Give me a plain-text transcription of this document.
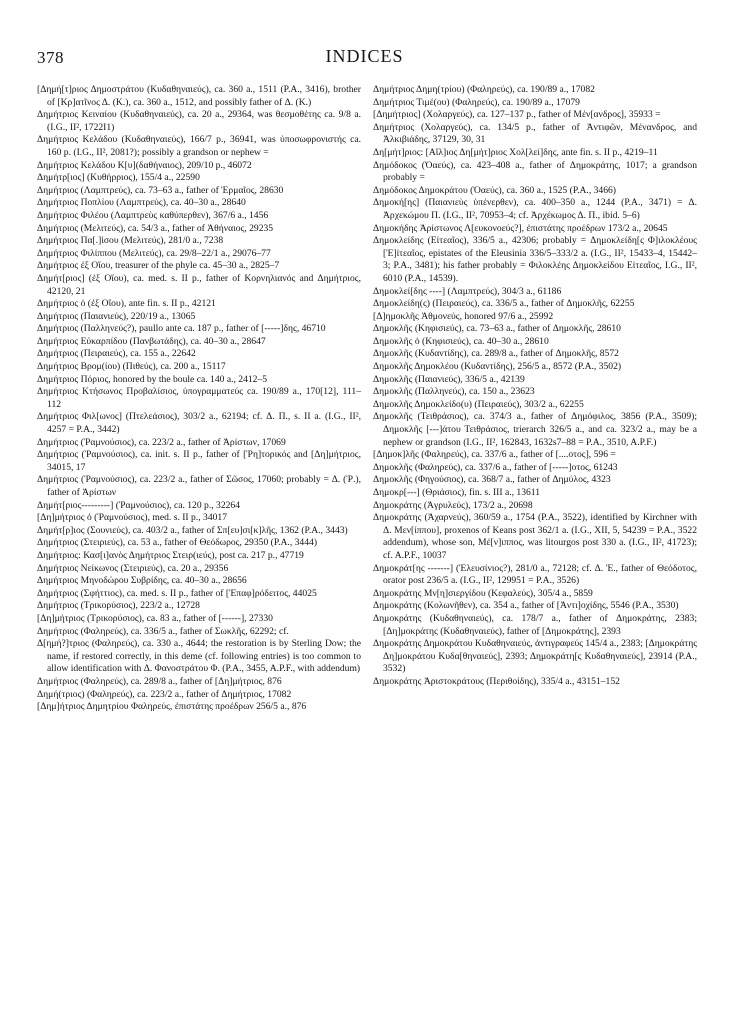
378	INDICES

[Δημή[τ]ριος Δημοστράτου (Κυδαθηναιεύς), ca. 360 a., 1511 (P.A., 3416), brother of [Κρ]ατῖνος Δ. (Κ.), ca. 360 a., 1512, and possibly father of Δ. (Κ.)

Δημήτριος Κειναίου (Κυδαθηναιεύς), ca. 20 a., 29364, was θεσμοθέτης ca. 9/8 a. (I.G., II², 1722I1)

Δημήτριος Κελάδου (Κυδαθηναιεύς), 166/7 p., 36941, was ὑποσωφρονιστής ca. 160 p. (I.G., II², 2081?); possibly a grandson or nephew =

Δημήτριος Κελάδου Κ[υ](δαθήναιος), 209/10 p., 46072

Δημήτρ[ιος] (Κυθήρριος), 155/4 a., 22590

Δημήτριος (Λαμπτρεύς), ca. 73–63 a., father of Ἑρμαῖος, 28630

Δημήτριος Ποπλίου (Λαμπτρεύς), ca. 40–30 a., 28640

Δημήτριος Φιλέου (Λαμπτρεὺς καθύπερθεν), 367/6 a., 1456

Δημήτριος (Μελιτεύς), ca. 54/3 a., father of Ἀθήναιος, 29235

Δημήτριος Πα[.]ἰσου (Μελιτεύς), 281/0 a., 7238

Δημήτριος Φιλίππου (Μελιτεύς), ca. 29/8–22/1 a., 29076–77

Δημήτριος ἐξ Οἴου, treasurer of the phyle ca. 45–30 a., 2825–7

Δημήτ[ριος] (ἐξ Οἴου), ca. med. s. II p., father of Κορνηλιανός and Δημήτριος, 42120, 21

Δημήτριος ὁ (ἐξ Οἴου), ante fin. s. II p., 42121

Δημήτριος (Παιανιεύς), 220/19 a., 13065

Δημήτριος (Παλληνεύς?), paullo ante ca. 187 p., father of [-----]δης, 46710

Δημήτριος Εὐκαρπίδου (Πανβωτάδης), ca. 40–30 a., 28647

Δημήτριος (Πειραιεύς), ca. 155 a., 22642

Δημήτριος Βρομ(ίου) (Πιθεύς), ca. 200 a., 15117

Δημήτριος Πόριος, honored by the boule ca. 140 a., 2412–5

Δημήτριος Κτήσωνος Προβαλίσιος, ὑπογραμματεύς ca. 190/89 a., 170[12], 111–112

Δημήτριος Φιλ[ωνος] (Πτελεάσιος), 303/2 a., 62194; cf. Δ. Π., s. II a. (I.G., II², 4257 = P.A., 3442)

Δημήτριος (Ῥαμνούσιος), ca. 223/2 a., father of Ἀρίστων, 17069

Δημήτριος (Ῥαμνούσιος), ca. init. s. II p., father of [Ῥη]τορικός and [Δη]μήτριος, 34015, 17

Δημήτριος (Ῥαμνούσιος), ca. 223/2 a., father of Σῶσος, 17060; probably = Δ. (Ῥ.), father of Ἀρίστων

Δημήτ[ριος---------] (Ῥαμνούσιος), ca. 120 p., 32264

[Δη]μήτριος ὁ (Ῥαμνούσιος), med. s. II p., 34017

Δημήτ[ρ]ιος (Σουνιεύς), ca. 403/2 a., father of Σπ[ευ]σι[κ]λῆς, 1362 (P.A., 3443)

Δημήτριος (Στειριεύς), ca. 53 a., father of Θεόδωρος, 29350 (P.A., 3444)

Δημήτριος: Κασ[ι]ανὸς Δημήτριος Στειρ(ιεύς), post ca. 217 p., 47719

Δημήτριος Νείκωνος (Στειριεύς), ca. 20 a., 29356

Δημήτριος Μηνοδώρου Συβρίδης, ca. 40–30 a., 28656

Δημήτριος (Σφήττιος), ca. med. s. II p., father of [Ἐπαφ]ρόδειτος, 44025

Δημήτριος (Τρικορύσιος), 223/2 a., 12728

[Δη]μήτριος (Τρικορύσιος), ca. 83 a., father of [------], 27330

Δημήτριος (Φαληρεύς), ca. 336/5 a., father of Σωκλῆς, 62292; cf.

Δ[ημή?]τριος (Φαληρεύς), ca. 330 a., 4644; the restoration is by Sterling Dow; the name, if restored correctly, in this deme (cf. following entries) is too common to allow identification with Δ. Φανοστράτου Φ. (P.A., 3455, A.P.F., with addendum)

Δημήτριος (Φαληρεύς), ca. 289/8 a., father of [Δη]μήτριος, 876

Δημή(τριος) (Φαληρεύς), ca. 223/2 a., father of Δημήτριος, 17082

[Δημ]ήτριος Δημητρίου Φαληρεύς, ἐπιστάτης προέδρων 256/5 a., 876

Δημήτριος Δημη(τρίου) (Φαληρεύς), ca. 190/89 a., 17082

Δημήτριος Τιμέ(ου) (Φαληρεύς), ca. 190/89 a., 17079

[Δημήτριος] (Χολαργεύς), ca. 127–137 p., father of Μέν[ανδρος], 35933 =

Δημήτριος (Χολαργεύς), ca. 134/5 p., father of Ἀντιφῶν, Μένανδρος, and Ἀλκιβιάδης, 37129, 30, 31

Δη[μήτ]ριος: [Αἴλ]ιος Δη[μήτ]ριος Χολ[λεί]δης, ante fin. s. II p., 4219–11

Δημόδοκος (Ὀαεύς), ca. 423–408 a., father of Δημοκράτης, 1017; a grandson probably =

Δημόδοκος Δημοκράτου (Ὀαεύς), ca. 360 a., 1525 (P.A., 3466)

Δημοκή[ης] (Παιανιεὺς ὑπένερθεν), ca. 400–350 a., 1244 (P.A., 3471) = Δ. Ἀρχεκώμου Π. (I.G., II², 70953–4; cf. Ἀρχέκωμος Δ. Π., ibid. 5–6)

Δημοκήδης Ἀρίστωνος Λ[ευκονοεύς?], ἐπιστάτης προέδρων 173/2 a., 20645

Δημοκλείδης (Εἰτεαῖος), 336/5 a., 42306; probably = Δημοκλείδη[ς Φ]ιλοκλέους [Ἐ]ἰτεαῖος, epistates of the Eleusinia 336/5–333/2 a. (I.G., II², 15433–4, 15442–3; P.A., 3481); his father probably = Φιλοκλέης Δημοκλείδου Εἰτεαῖος, I.G., II², 6010 (P.A., 14539).

Δημοκλεί[δης ----] (Λαμπτρεύς), 304/3 a., 61186

Δημοκλείδη(ς) (Πειραιεύς), ca. 336/5 a., father of Δημοκλῆς, 62255

[Δ]ημοκλῆς Ἀθμονεύς, honored 97/6 a., 25992

Δημοκλῆς (Κηφισιεύς), ca. 73–63 a., father of Δημοκλῆς, 28610

Δημοκλῆς ὁ (Κηφισιεύς), ca. 40–30 a., 28610

Δημοκλῆς (Κυδαντίδης), ca. 289/8 a., father of Δημοκλῆς, 8572

Δημοκλῆς Δημοκλέου (Κυδαντίδης), 256/5 a., 8572 (P.A., 3502)

Δημοκλῆς (Παιανιεύς), 336/5 a., 42139

Δημοκλῆς (Παλληνεύς), ca. 150 a., 23623

Δημοκλῆς Δημοκλείδο(υ) (Πειραιεύς), 303/2 a., 62255

Δημοκλῆς (Τειθράσιος), ca. 374/3 a., father of Δημόφιλος, 3856 (P.A., 3509); Δημοκλῆς [---]άτου Τειθράσιος, trierarch 326/5 a., and ca. 323/2 a., may be a nephew or grandson (I.G., II², 162843, 1632s7–88 = P.A., 3510, A.P.F.)

[Δημοκ]λῆς (Φαληρεύς), ca. 337/6 a., father of [....οτος], 596 =

Δημοκλῆς (Φαληρεύς), ca. 337/6 a., father of [-----]οτος, 61243

Δημοκλῆς (Φηγούσιος), ca. 368/7 a., father of Δημύλος, 4323

Δημοκρ[---] (Θριάσιος), fin. s. III a., 13611

Δημοκράτης (Ἀγρυλεύς), 173/2 a., 20698

Δημοκράτης (Ἀχαρνεύς), 360/59 a., 1754 (P.A., 3522), identified by Kirchner with Δ. Μεν[ίππου], proxenos of Keans post 362/1 a. (I.G., XII, 5, 54239 = P.A., 3522 addendum), whose son, Μέ[ν]ιππος, was litourgos post 330 a. (I.G., II², 41723); cf. A.P.F., 10037

Δημοκράτ[ης -------] (Ἐλευσίνιος?), 281/0 a., 72128; cf. Δ. Ἐ., father of Θεόδοτος, orator post 236/5 a. (I.G., II², 129951 = P.A., 3526)

Δημοκράτης Μν[η]σιεργίδου (Κεφαλεύς), 305/4 a., 5859

Δημοκράτης (Κολωνῆθεν), ca. 354 a., father of [Ἀντι]οχίδης, 5546 (P.A., 3530)

Δημοκράτης (Κυδαθηναιεύς), ca. 178/7 a., father of Δημοκράτης, 2383; [Δη]μοκράτης (Κυδαθηναιεύς), father of [Δημοκράτης], 2393

Δημοκράτης Δημοκράτου Κυδαθηναιεύς, ἀντιγραφεύς 145/4 a., 2383; [Δημοκράτης Δη]μοκράτου Κυδα[θηναιεύς], 2393; Δημοκράτη[ς Κυδαθηναιεύς], 23914 (P.A., 3532)

Δημοκράτης Ἀριστοκράτους (Περιθοίδης), 335/4 a., 43151–152
